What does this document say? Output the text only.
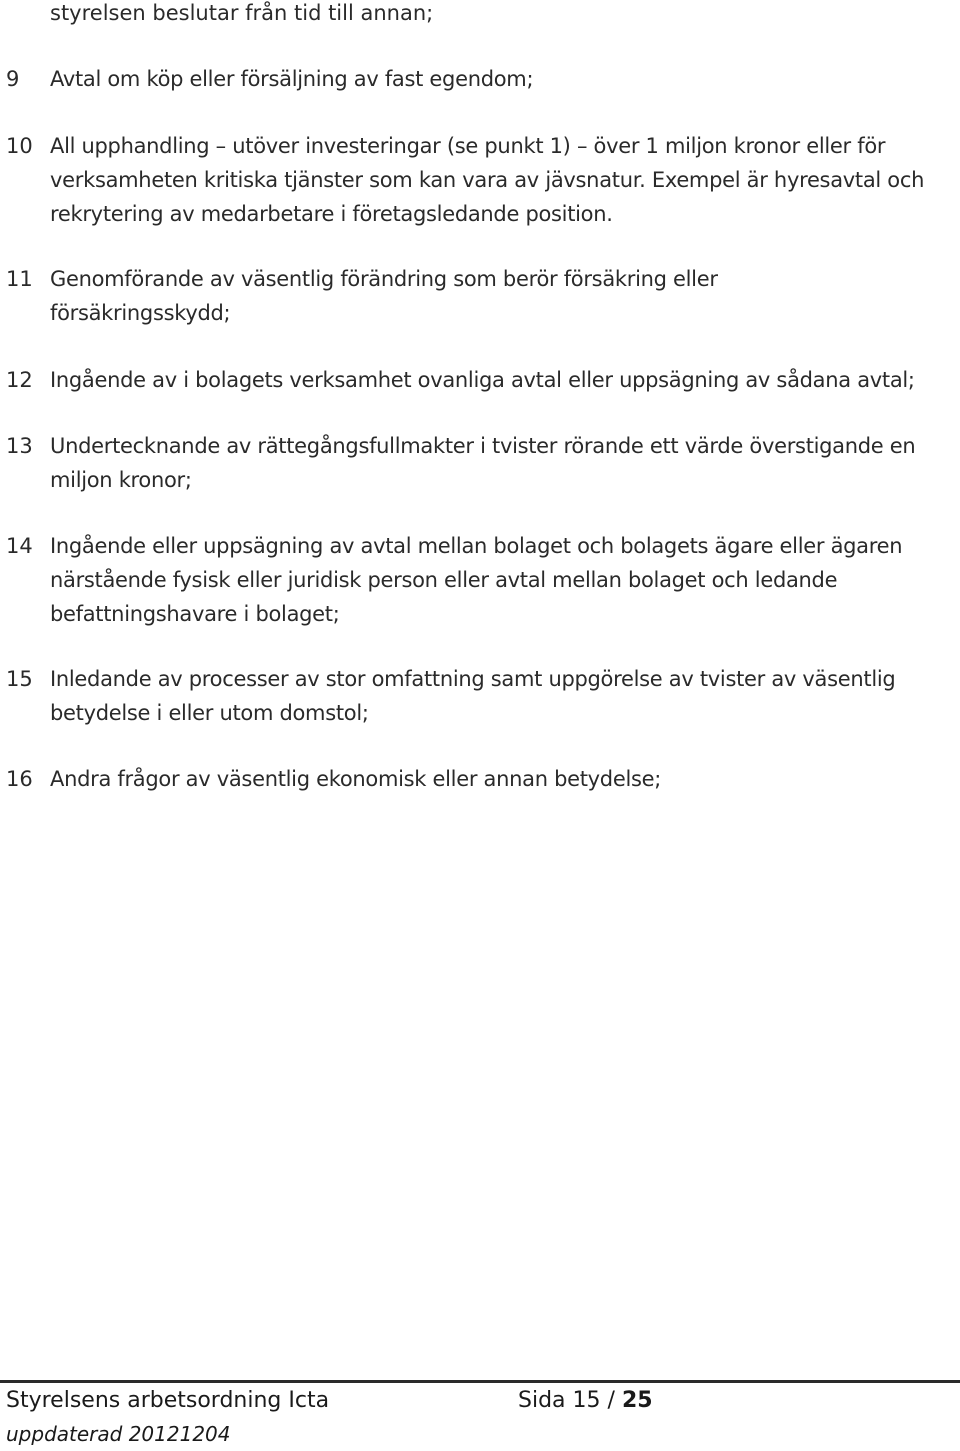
styrelsen beslutar från tid till annan;
9 Avtal om köp eller försäljning av fast egendom;
10 All upphandling – utöver investeringar (se punkt 1) – över 1 miljon kronor eller för verksamheten kritiska tjänster som kan vara av jävsnatur. Exempel är hyresavtal och rekrytering av medarbetare i företagsledande position.
11 Genomförande av väsentlig förändring som berör försäkring eller försäkringsskydd;
12 Ingående av i bolagets verksamhet ovanliga avtal eller uppsägning av sådana avtal;
13 Undertecknande av rättegångsfullmakter i tvister rörande ett värde överstigande en miljon kronor;
14 Ingående eller uppsägning av avtal mellan bolaget och bolagets ägare eller ägaren närstående fysisk eller juridisk person eller avtal mellan bolaget och ledande befattningshavare i bolaget;
15 Inledande av processer av stor omfattning samt uppgörelse av tvister av väsentlig betydelse i eller utom domstol;
16 Andra frågor av väsentlig ekonomisk eller annan betydelse;
Styrelsens arbetsordning Icta	Sida 15 / 25
uppdaterad 20121204
